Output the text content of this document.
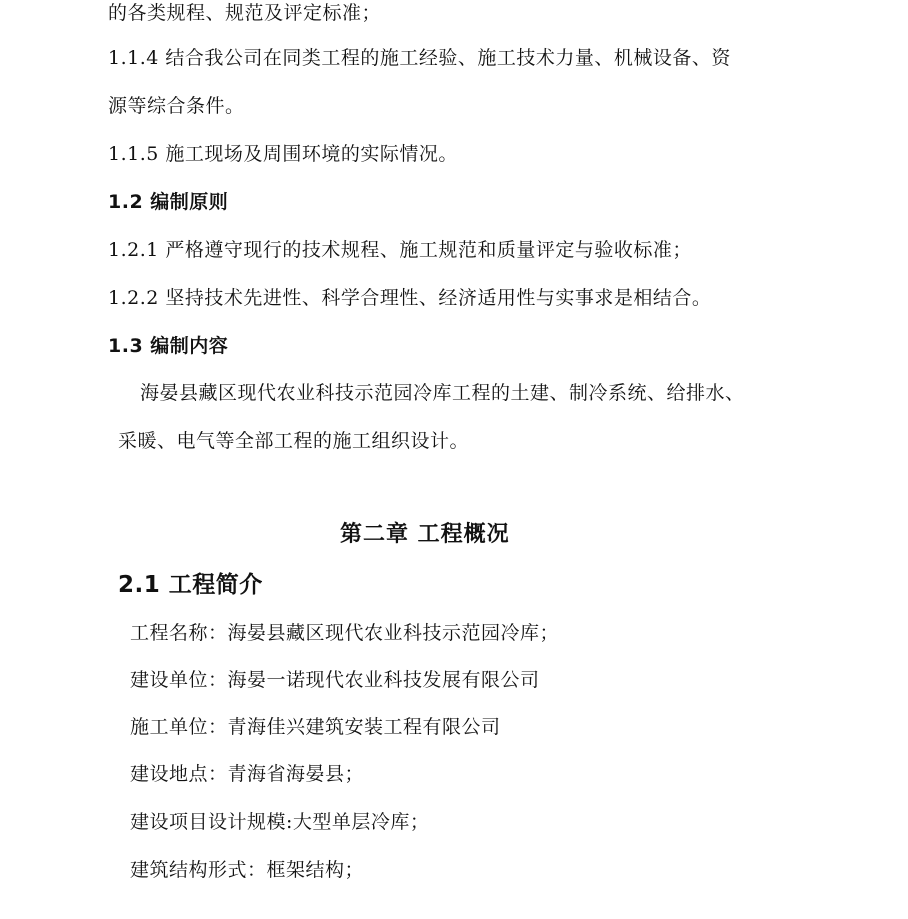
的各类规程、规范及评定标准；
1.1.4 结合我公司在同类工程的施工经验、施工技术力量、机械设备、资
源等综合条件。
1.1.5 施工现场及周围环境的实际情况。
1.2 编制原则
1.2.1 严格遵守现行的技术规程、施工规范和质量评定与验收标准；
1.2.2 坚持技术先进性、科学合理性、经济适用性与实事求是相结合。
1.3 编制内容
海晏县藏区现代农业科技示范园冷库工程的土建、制冷系统、给排水、
采暖、电气等全部工程的施工组织设计。
第二章 工程概况
2.1 工程简介
工程名称：海晏县藏区现代农业科技示范园冷库；
建设单位：海晏一诺现代农业科技发展有限公司
施工单位：青海佳兴建筑安装工程有限公司
建设地点：青海省海晏县；
建设项目设计规模:大型单层冷库；
建筑结构形式：框架结构；
